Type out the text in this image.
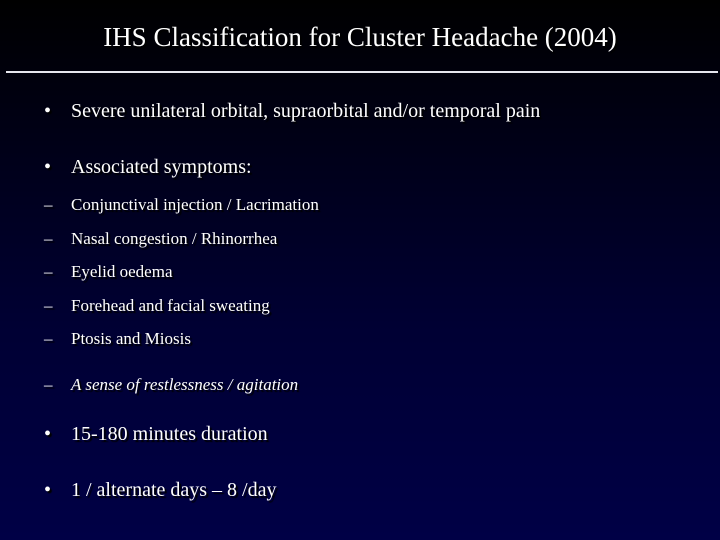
IHS Classification for Cluster Headache (2004)
• Severe unilateral orbital, supraorbital and/or temporal pain
• Associated symptoms:
– Conjunctival injection / Lacrimation
– Nasal congestion / Rhinorrhea
– Eyelid oedema
– Forehead and facial sweating
– Ptosis and Miosis
– A sense of restlessness / agitation
• 15-180 minutes duration
• 1 / alternate days – 8 /day
